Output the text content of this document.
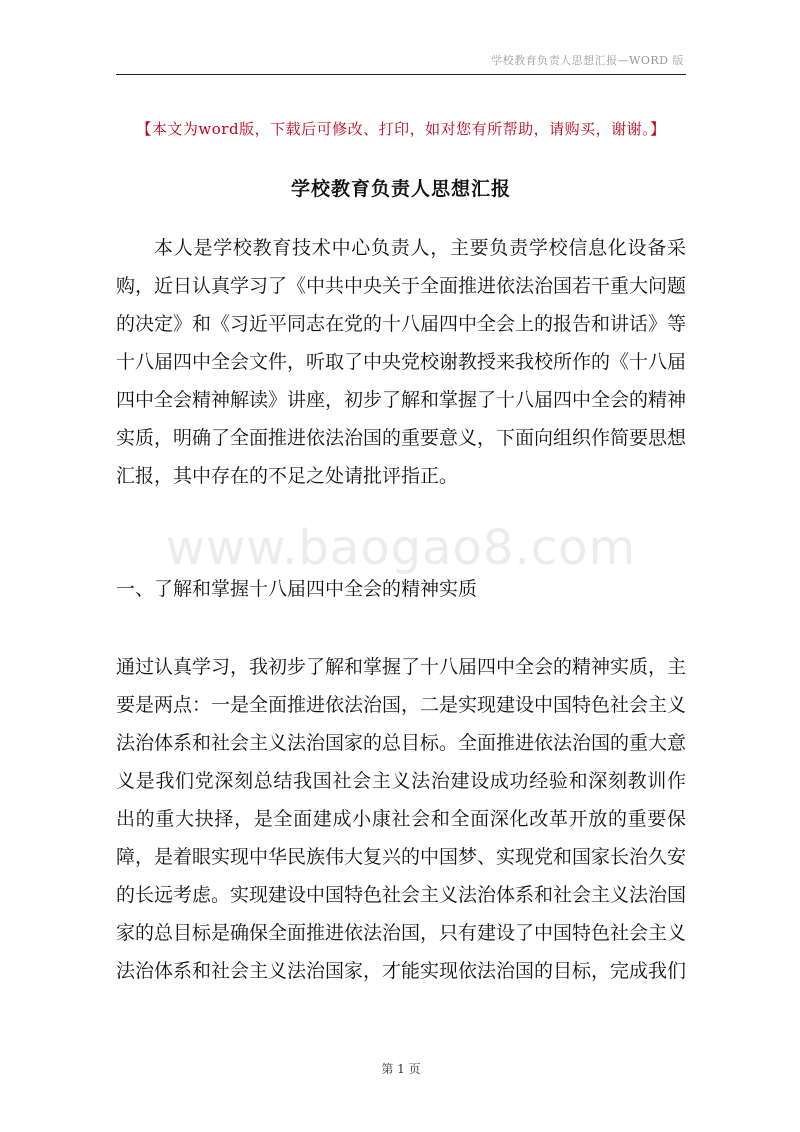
学校教育负责人思想汇报—WORD 版
【本文为word版，下载后可修改、打印，如对您有所帮助，请购买，谢谢。】
学校教育负责人思想汇报
本人是学校教育技术中心负责人，主要负责学校信息化设备采
购，近日认真学习了《中共中央关于全面推进依法治国若干重大问题
的决定》和《习近平同志在党的十八届四中全会上的报告和讲话》等
十八届四中全会文件，听取了中央党校谢教授来我校所作的《十八届
四中全会精神解读》讲座，初步了解和掌握了十八届四中全会的精神
实质，明确了全面推进依法治国的重要意义，下面向组织作简要思想
汇报，其中存在的不足之处请批评指正。
www.baogao8.com
一、了解和掌握十八届四中全会的精神实质
通过认真学习，我初步了解和掌握了十八届四中全会的精神实质，主
要是两点：一是全面推进依法治国，二是实现建设中国特色社会主义
法治体系和社会主义法治国家的总目标。全面推进依法治国的重大意
义是我们党深刻总结我国社会主义法治建设成功经验和深刻教训作
出的重大抉择，是全面建成小康社会和全面深化改革开放的重要保
障，是着眼实现中华民族伟大复兴的中国梦、实现党和国家长治久安
的长远考虑。实现建设中国特色社会主义法治体系和社会主义法治国
家的总目标是确保全面推进依法治国，只有建设了中国特色社会主义
法治体系和社会主义法治国家，才能实现依法治国的目标，完成我们
第 1 页
